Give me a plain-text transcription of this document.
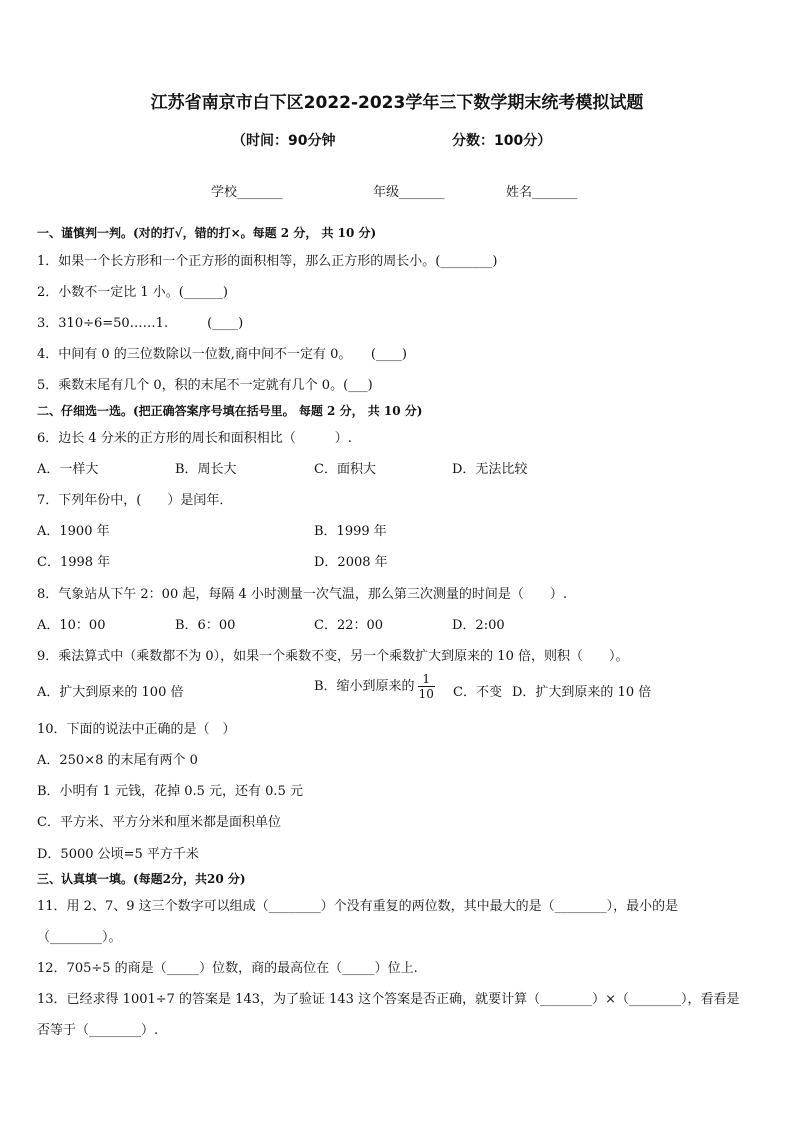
江苏省南京市白下区2022-2023学年三下数学期末统考模拟试题
（时间：90分钟	分数：100分）
学校_______	年级_______	姓名_______
一、谨慎判一判。(对的打√，错的打×。每题 2 分， 共 10 分)
1．如果一个长方形和一个正方形的面积相等，那么正方形的周长小。(________)
2．小数不一定比 1 小。(______)
3．310÷6=50……1.　　　(____)
4．中间有 0 的三位数除以一位数,商中间不一定有 0。　　(____)
5．乘数末尾有几个 0，积的末尾不一定就有几个 0。(___)
二、仔细选一选。(把正确答案序号填在括号里。 每题 2 分， 共 10 分)
6．边长 4 分米的正方形的周长和面积相比（　　　）.
A．一样大	B．周长大	C．面积大	D．无法比较
7．下列年份中，(　　）是闰年．
A．1900 年	B．1999 年
C．1998 年	D．2008 年
8．气象站从下午 2：00 起，每隔 4 小时测量一次气温，那么第三次测量的时间是（　　）.
A．10：00	B．6：00	C．22：00	D．2:00
9．乘法算式中（乘数都不为 0），如果一个乘数不变，另一个乘数扩大到原来的 10 倍，则积（　　）。
A．扩大到原来的 100 倍	B．缩小到原来的 $\frac{1}{10}$ C．不变 D．扩大到原来的 10 倍
10．下面的说法中正确的是（　）
A．250×8 的末尾有两个 0
B．小明有 1 元钱，花掉 0.5 元，还有 0.5 元
C．平方米、平方分米和厘米都是面积单位
D．5000 公顷=5 平方千米
三、认真填一填。(每题2分，共20 分)
11．用 2、7、9 这三个数字可以组成（________）个没有重复的两位数，其中最大的是（________），最小的是
（________）。
12．705÷5 的商是（_____）位数，商的最高位在（_____）位上.
13．已经求得 1001÷7 的答案是 143，为了验证 143 这个答案是否正确，就要计算（________）×（________），看看是
否等于（________）.
